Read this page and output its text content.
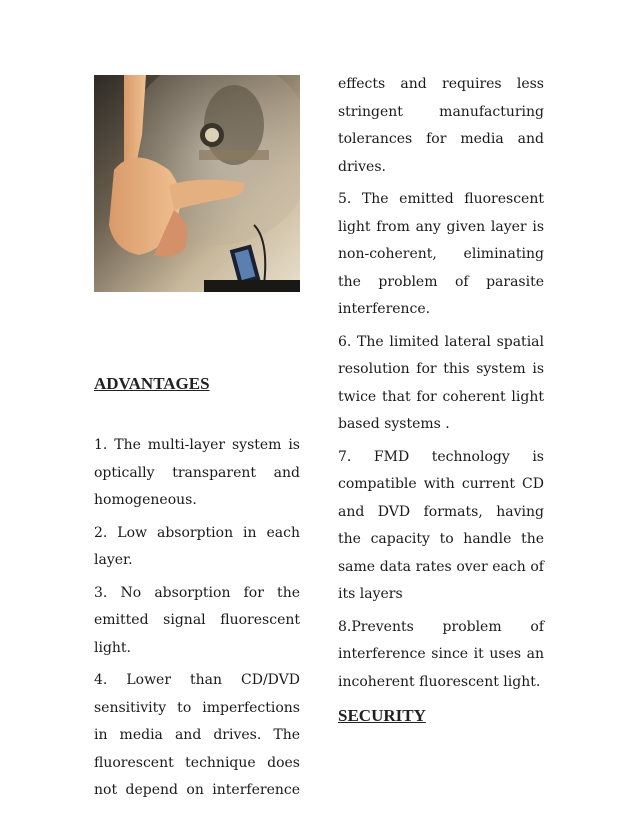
ADVANTAGES

1. The multi-layer system is optically transparent and homogeneous.

2. Low absorption in each layer.

3. No absorption for the emitted signal fluorescent light.

4. Lower than CD/DVD sensitivity to imperfections in media and drives. The fluorescent technique does not depend on interference

effects and requires less stringent manufacturing tolerances for media and drives.

5. The emitted fluorescent light from any given layer is non-coherent, eliminating the problem of parasite interference.

6. The limited lateral spatial resolution for this system is twice that for coherent light based systems .

7. FMD technology is compatible with current CD and DVD formats, having the capacity to handle the same data rates over each of its layers

8.Prevents problem of interference since it uses an incoherent fluorescent light.

SECURITY
